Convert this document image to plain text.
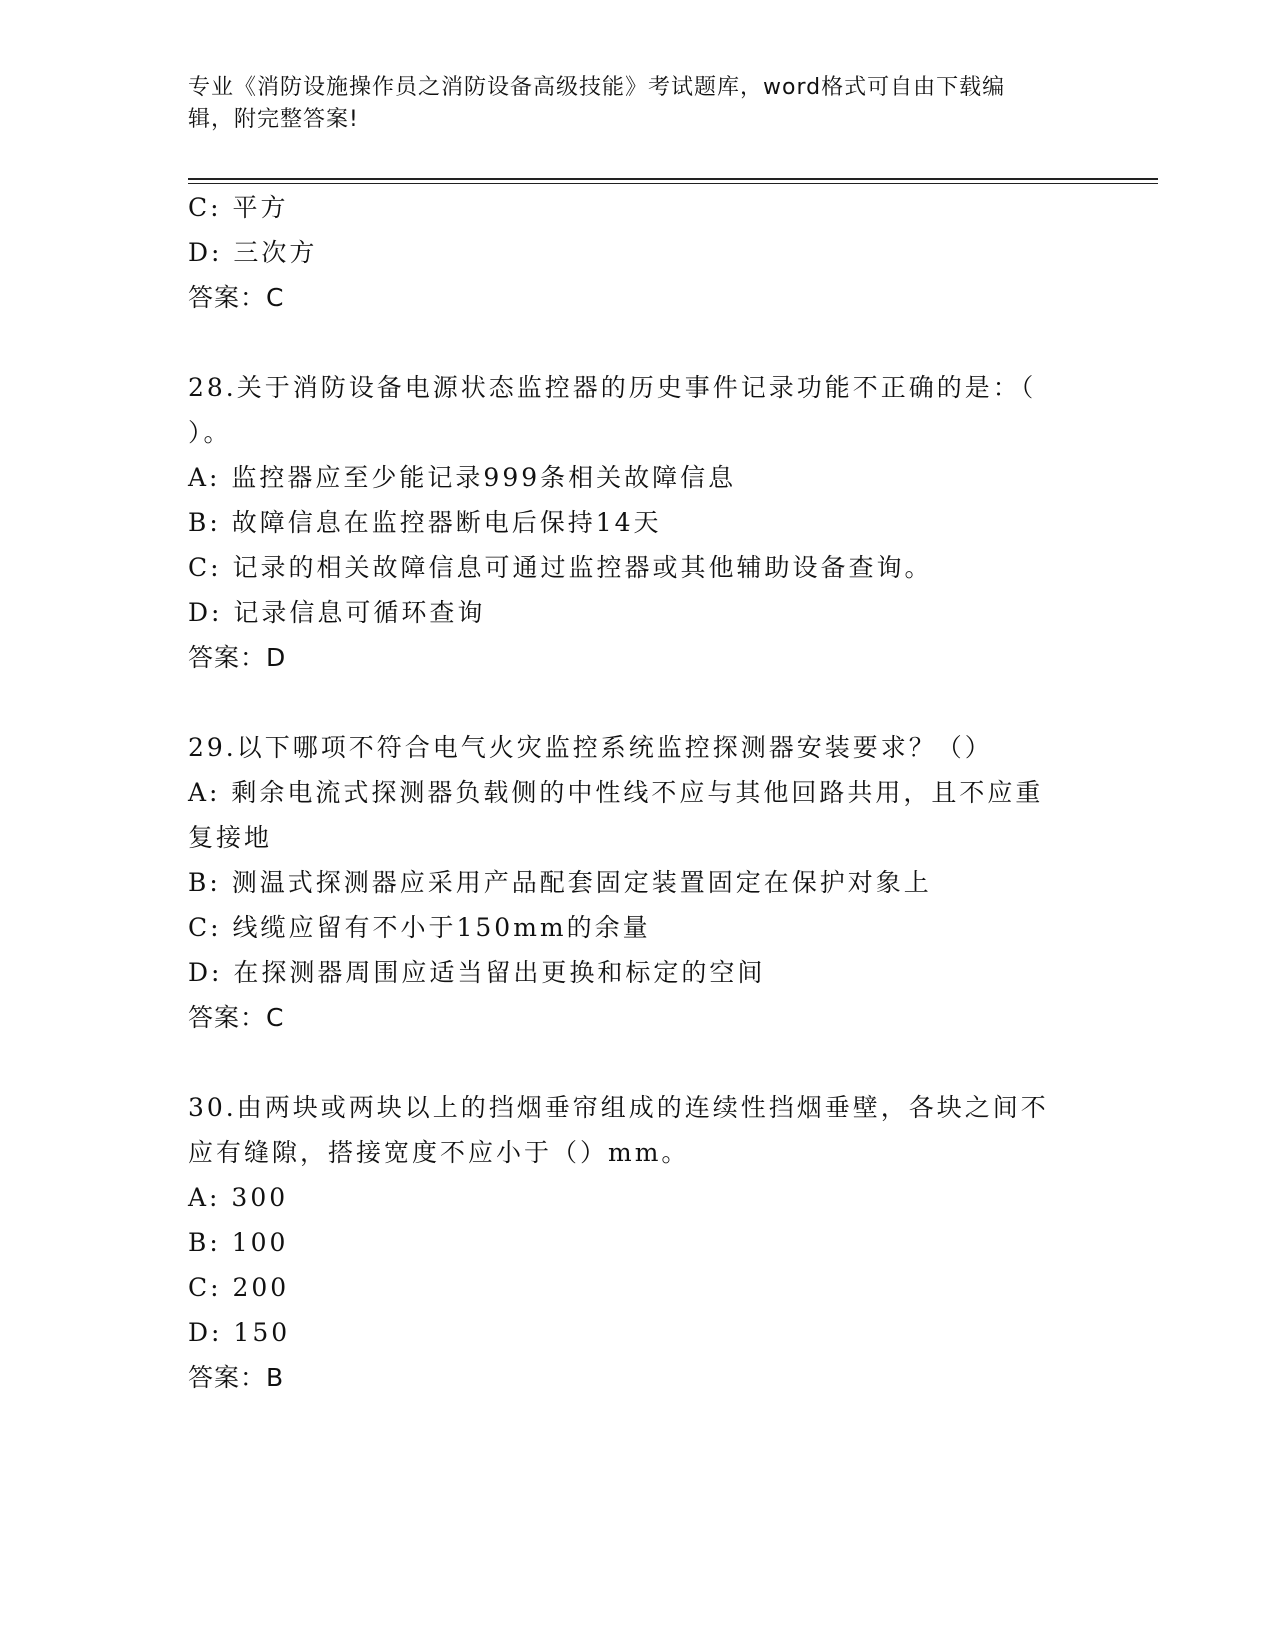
专业《消防设施操作员之消防设备高级技能》考试题库，word格式可自由下载编
辑，附完整答案!
C: 平方
D: 三次方
答案：C
28.关于消防设备电源状态监控器的历史事件记录功能不正确的是：（
）。
A: 监控器应至少能记录999条相关故障信息
B: 故障信息在监控器断电后保持14天
C: 记录的相关故障信息可通过监控器或其他辅助设备查询。
D: 记录信息可循环查询
答案：D
29.以下哪项不符合电气火灾监控系统监控探测器安装要求？（）
A: 剩余电流式探测器负载侧的中性线不应与其他回路共用，且不应重
复接地
B: 测温式探测器应采用产品配套固定装置固定在保护对象上
C: 线缆应留有不小于150mm的余量
D: 在探测器周围应适当留出更换和标定的空间
答案：C
30.由两块或两块以上的挡烟垂帘组成的连续性挡烟垂壁，各块之间不
应有缝隙，搭接宽度不应小于（）mm。
A: 300
B: 100
C: 200
D: 150
答案：B
